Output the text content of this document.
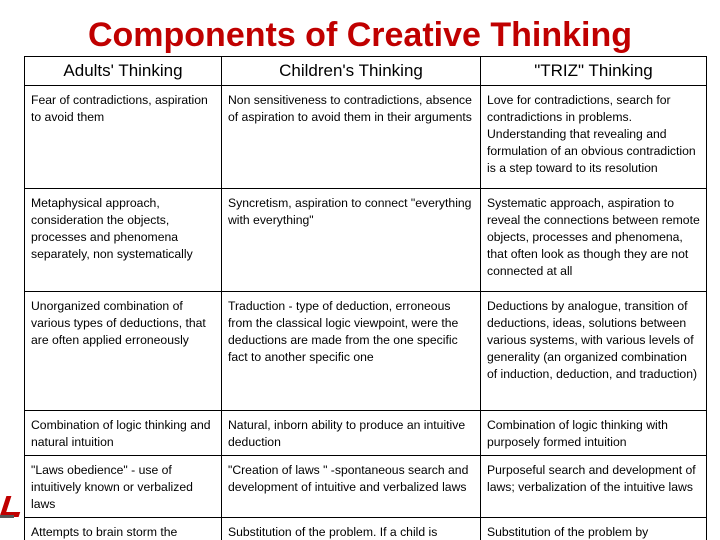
Components of Creative Thinking
Adults' Thinking	Children's Thinking	"TRIZ" Thinking
Fear of contradictions, aspiration to avoid them	Non sensitiveness to contradictions, absence of aspiration to avoid them in their arguments	Love for contradictions, search for contradictions in problems. Understanding that revealing and formulation of an obvious contradiction is a step toward to its resolution
Metaphysical approach, consideration the objects, processes and phenomena separately, non systematically	Syncretism, aspiration to connect "everything with everything"	Systematic approach, aspiration to reveal the connections between remote objects, processes and phenomena, that often look as though they are not connected at all
Unorganized combination of various types of deductions, that are often applied erroneously	Traduction - type of deduction, erroneous from the classical logic viewpoint, were the deductions are made from the one specific fact to another specific one	Deductions by analogue, transition of deductions, ideas, solutions between various systems, with various levels of generality (an organized combination of induction, deduction, and traduction)
Combination of logic thinking and natural intuition	Natural, inborn ability to produce an intuitive deduction	Combination of logic thinking with purposely formed intuition
"Laws obedience" - use of intuitively known or verbalized laws	"Creation of laws " -spontaneous search and development of intuitive and verbalized laws	Purposeful search and development of laws; verbalization of the intuitive laws
Attempts to brain storm the	Substitution of the problem. If a child is	Substitution of the problem by
